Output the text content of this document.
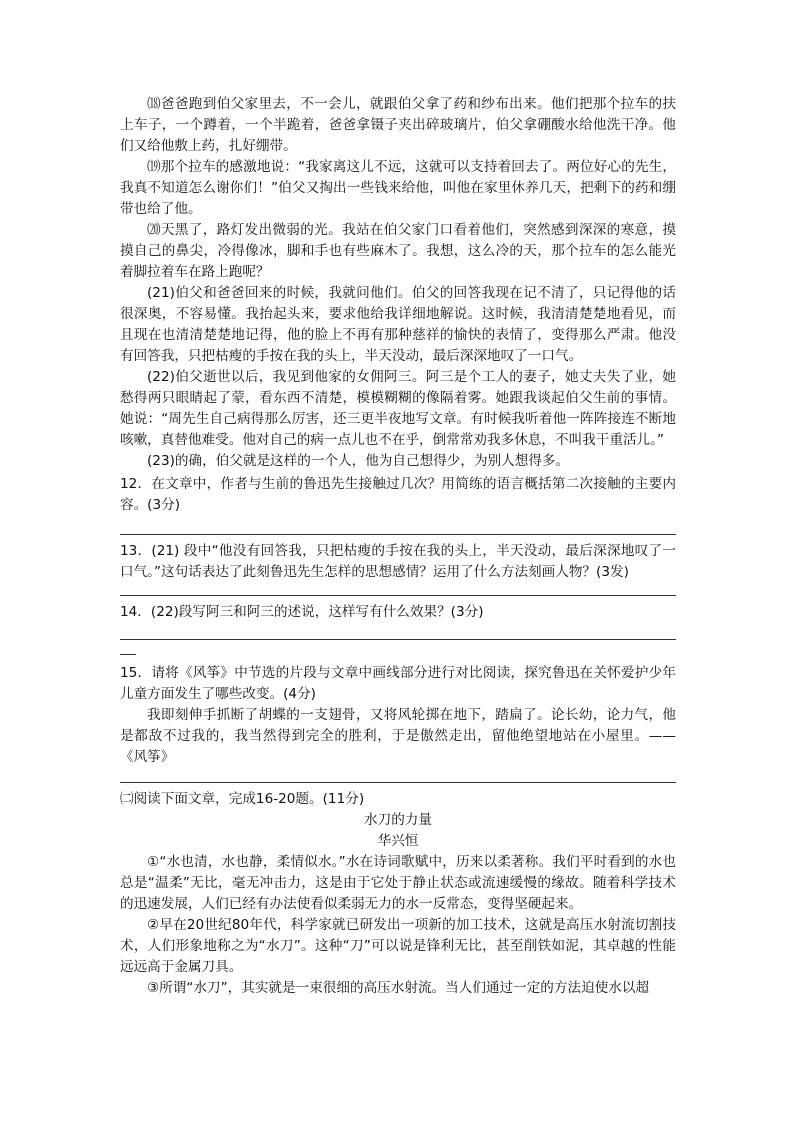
⒅爸爸跑到伯父家里去，不一会儿，就跟伯父拿了药和纱布出来。他们把那个拉车的扶上车子，一个蹲着，一个半跪着，爸爸拿镊子夹出碎玻璃片，伯父拿硼酸水给他洗干净。他们又给他敷上药，扎好绷带。

⒆那个拉车的感激地说：“我家离这儿不远，这就可以支持着回去了。两位好心的先生，我真不知道怎么谢你们！”伯父又掏出一些钱来给他，叫他在家里休养几天，把剩下的药和绷带也给了他。

⒇天黑了，路灯发出微弱的光。我站在伯父家门口看着他们，突然感到深深的寒意，摸摸自己的鼻尖，冷得像冰，脚和手也有些麻木了。我想，这么冷的天，那个拉车的怎么能光着脚拉着车在路上跑呢？

(21)伯父和爸爸回来的时候，我就问他们。伯父的回答我现在记不清了，只记得他的话很深奥，不容易懂。我抬起头来，要求他给我详细地解说。这时候，我清清楚楚地看见，而且现在也清清楚楚地记得，他的脸上不再有那种慈祥的愉快的表情了，变得那么严肃。他没有回答我，只把枯瘦的手按在我的头上，半天没动，最后深深地叹了一口气。

(22)伯父逝世以后，我见到他家的女佣阿三。阿三是个工人的妻子，她丈夫失了业，她愁得两只眼睛起了蒙，看东西不清楚，模模糊糊的像隔着雾。她跟我谈起伯父生前的事情。她说：“周先生自己病得那么厉害，还三更半夜地写文章。有时候我听着他一阵阵接连不断地咳嗽，真替他难受。他对自己的病一点儿也不在乎，倒常常劝我多休息，不叫我干重活儿。”

(23)的确，伯父就是这样的一个人，他为自己想得少，为别人想得多。

12．在文章中，作者与生前的鲁迅先生接触过几次？用简练的语言概括第二次接触的主要内容。(3分)

13．(21) 段中“他没有回答我，只把枯瘦的手按在我的头上，半天没动，最后深深地叹了一口气。”这句话表达了此刻鲁迅先生怎样的思想感情？运用了什么方法刻画人物？(3发)

14．(22)段写阿三和阿三的述说，这样写有什么效果？(3分)

15．请将《风筝》中节选的片段与文章中画线部分进行对比阅读，探究鲁迅在关怀爱护少年儿童方面发生了哪些改变。(4分)

我即刻伸手抓断了胡蝶的一支翅骨，又将风轮掷在地下，踏扁了。论长幼，论力气，他是都敌不过我的，我当然得到完全的胜利，于是傲然走出，留他绝望地站在小屋里。——《风筝》

㈡阅读下面文章，完成16-20题。(11分)

水刀的力量

华兴恒

①“水也清，水也静，柔情似水。”水在诗词歌赋中，历来以柔著称。我们平时看到的水也总是“温柔”无比，毫无冲击力，这是由于它处于静止状态或流速缓慢的缘故。随着科学技术的迅速发展，人们已经有办法使看似柔弱无力的水一反常态，变得坚硬起来。

②早在20世纪80年代，科学家就已研发出一项新的加工技术，这就是高压水射流切割技术，人们形象地称之为“水刀”。这种“刀”可以说是锋利无比，甚至削铁如泥，其卓越的性能远远高于金属刀具。

③所谓“水刀”，其实就是一束很细的高压水射流。当人们通过一定的方法迫使水以超
